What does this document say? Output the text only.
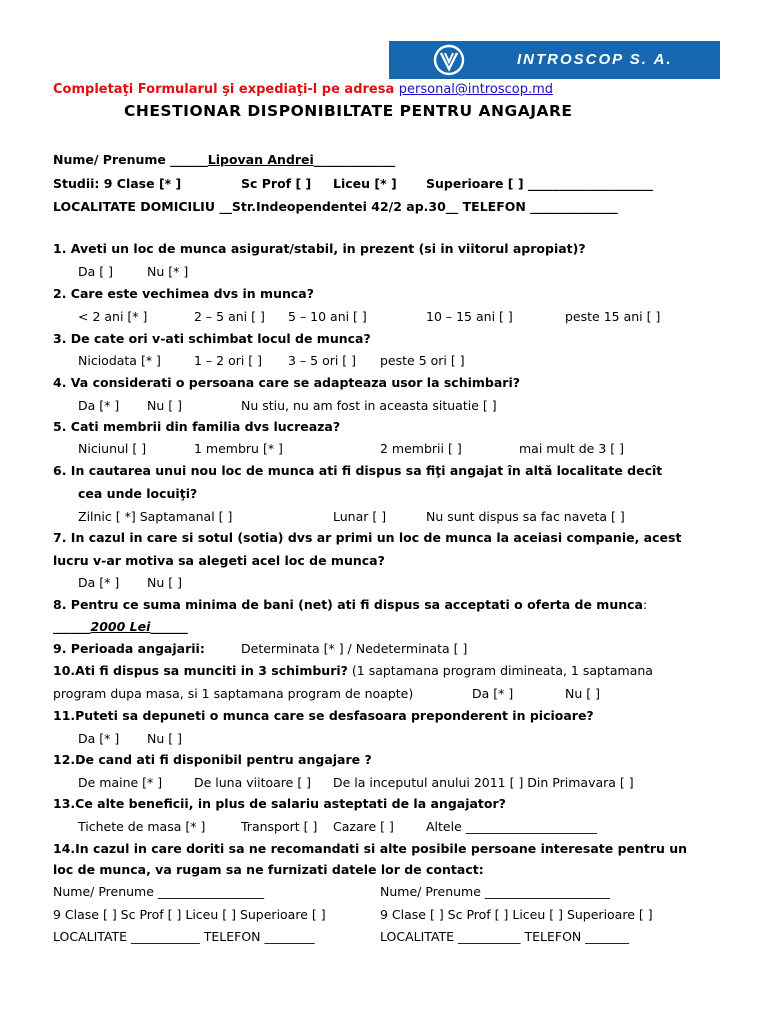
INTROSCOP S. A.
Completaţi Formularul şi expediaţi-l pe adresa personal@introscop.md
CHESTIONAR DISPONIBILTATE PENTRU ANGAJARE
Nume/ Prenume ______Lipovan Andrei_____________
Studii: 9 Clase [* ]	Sc Prof [ ] Liceu [* ] Superioare [ ] ____________________
LOCALITATE DOMICILIU __Str.Indeopendentei 42/2 ap.30__ TELEFON ______________
1. Aveti un loc de munca asigurat/stabil, in prezent (si in viitorul apropiat)?
Da [ ]	Nu [* ]
2. Care este vechimea dvs in munca?
< 2 ani [* ]	2 – 5 ani [ ] 5 – 10 ani [ ]	10 – 15 ani [ ]	peste 15 ani [ ]
3. De cate ori v-ati schimbat locul de munca?
Niciodata [* ]	1 – 2 ori [ ] 3 – 5 ori [ ] peste 5 ori [ ]
4. Va considerati o persoana care se adapteaza usor la schimbari?
Da [* ] Nu [ ]	Nu stiu, nu am fost in aceasta situatie [ ]
5. Cati membrii din familia dvs lucreaza?
Niciunul [ ]	1 membru [* ]	2 membrii [ ]	mai mult de 3 [ ]
6. In cautarea unui nou loc de munca ati fi dispus sa fiţi angajat în altă localitate decît
cea unde locuiţi?
Zilnic [ *] Saptamanal [ ]	Lunar [ ]	Nu sunt dispus sa fac naveta [ ]
7. In cazul in care si sotul (sotia) dvs ar primi un loc de munca la aceiasi companie, acest
lucru v-ar motiva sa alegeti acel loc de munca?
Da [* ] Nu [ ]
8. Pentru ce suma minima de bani (net) ati fi dispus sa acceptati o oferta de munca:
______2000 Lei______
9. Perioada angajarii:	Determinata [* ] / Nedeterminata [ ]
10.Ati fi dispus sa munciti in 3 schimburi? (1 saptamana program dimineata, 1 saptamana
program dupa masa, si 1 saptamana program de noapte)	Da [* ]	Nu [ ]
11.Puteti sa depuneti o munca care se desfasoara preponderent in picioare?
Da [* ] Nu [ ]
12.De cand ati fi disponibil pentru angajare ?
De maine [* ]	De luna viitoare [ ] De la inceputul anului 2011 [ ] Din Primavara [ ]
13.Ce alte beneficii, in plus de salariu asteptati de la angajator?
Tichete de masa [* ]	Transport [ ] Cazare [ ]	Altele _____________________
14.In cazul in care doriti sa ne recomandati si alte posibile persoane interesate pentru un
loc de munca, va rugam sa ne furnizati datele lor de contact:
Nume/ Prenume _________________	Nume/ Prenume ____________________
9 Clase [ ] Sc Prof [ ] Liceu [ ] Superioare [ ]	9 Clase [ ] Sc Prof [ ] Liceu [ ] Superioare [ ]
LOCALITATE ___________ TELEFON ________	LOCALITATE __________ TELEFON _______
